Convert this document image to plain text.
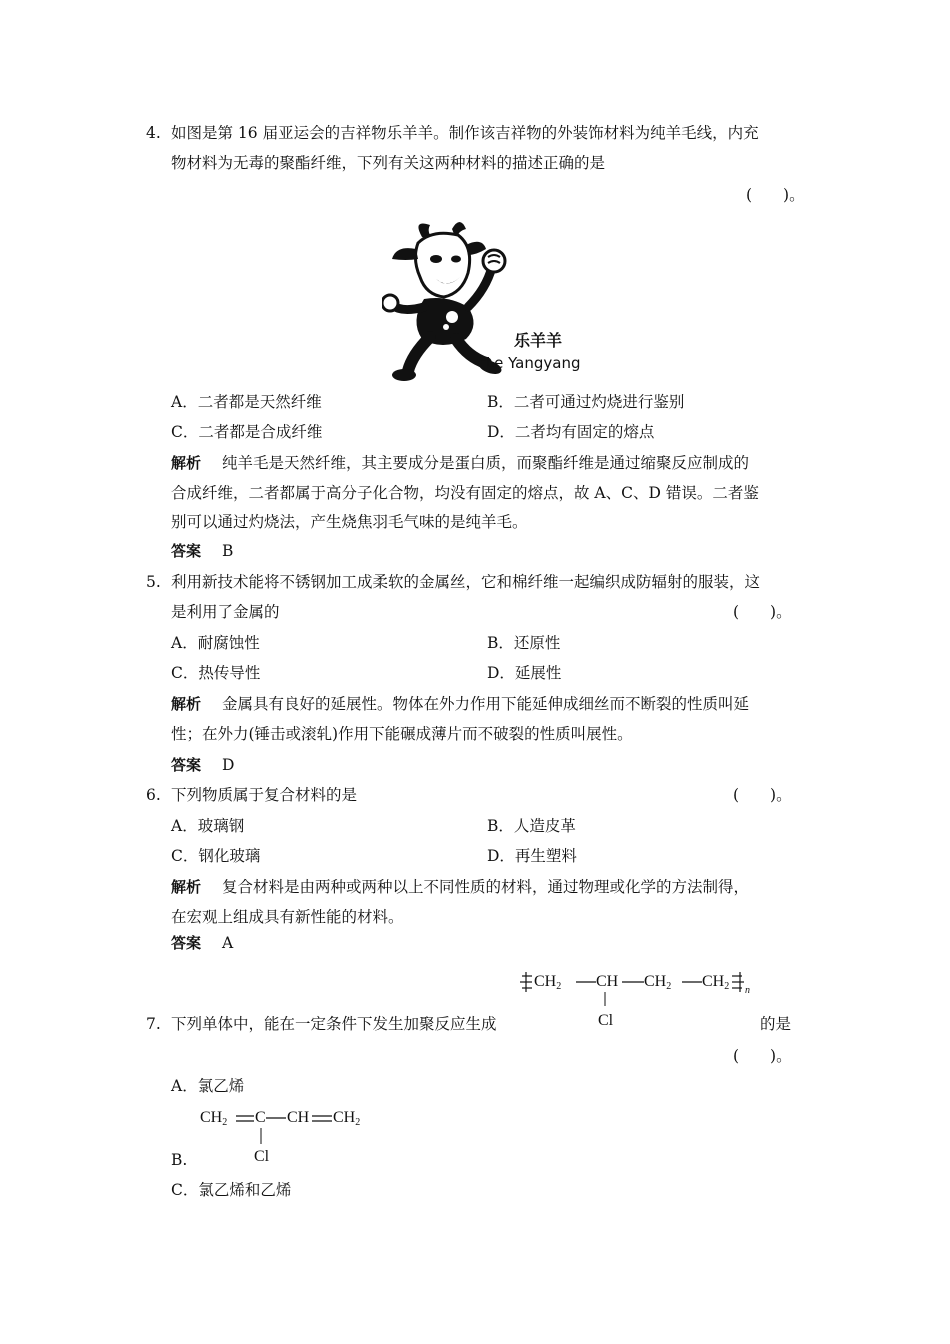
4. 如图是第 16 届亚运会的吉祥物乐羊羊。制作该吉祥物的外装饰材料为纯羊毛线，内充
物材料为无毒的聚酯纤维，下列有关这两种材料的描述正确的是
(　　)。
乐羊羊
Le Yangyang
A．二者都是天然纤维	B．二者可通过灼烧进行鉴别
C．二者都是合成纤维	D．二者均有固定的熔点
解析 纯羊毛是天然纤维，其主要成分是蛋白质，而聚酯纤维是通过缩聚反应制成的
合成纤维，二者都属于高分子化合物，均没有固定的熔点，故 A、C、D 错误。二者鉴
别可以通过灼烧法，产生烧焦羽毛气味的是纯羊毛。
答案 B
5. 利用新技术能将不锈钢加工成柔软的金属丝，它和棉纤维一起编织成防辐射的服装，这
是利用了金属的	(　　)。
A．耐腐蚀性	B．还原性
C．热传导性	D．延展性
解析 金属具有良好的延展性。物体在外力作用下能延伸成细丝而不断裂的性质叫延
性；在外力(锤击或滚轧)作用下能碾成薄片而不破裂的性质叫展性。
答案 D
6. 下列物质属于复合材料的是	(　　)。
A．玻璃钢	B．人造皮革
C．钢化玻璃	D．再生塑料
解析 复合材料是由两种或两种以上不同性质的材料，通过物理或化学的方法制得，
在宏观上组成具有新性能的材料。
答案 A
$CH_2$ CH $CH_2$ $CH_2$ n
Cl
7. 下列单体中，能在一定条件下发生加聚反应生成	的是
(　　)。
A．氯乙烯
B.
$CH_2$ C CH $CH_2$
Cl
C．氯乙烯和乙烯
